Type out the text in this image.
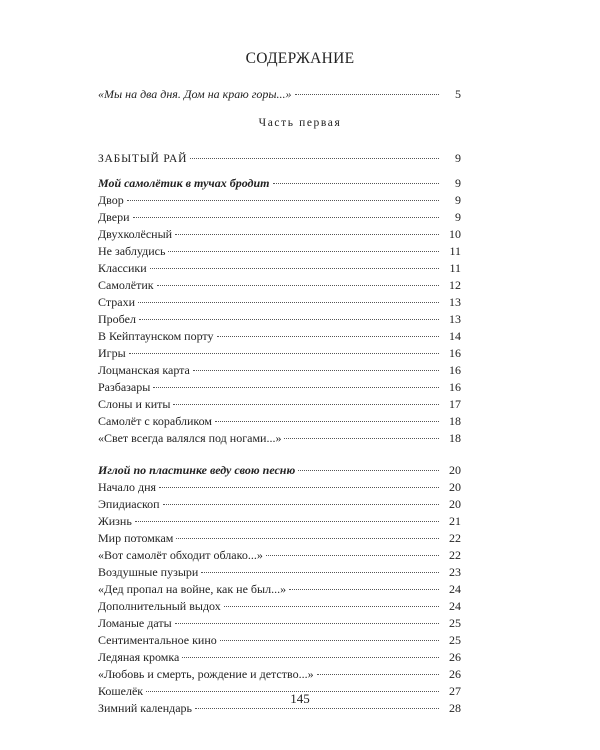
СОДЕРЖАНИЕ
Часть первая
«Мы на два дня. Дом на краю горы...»	5
ЗАБЫТЫЙ РАЙ	9
Мой самолётик в тучах бродит	9
Двор	9
Двери	9
Двухколёсный	10
Не заблудись	11
Классики	11
Самолётик	12
Страхи	13
Пробел	13
В Кейптаунском порту	14
Игры	16
Лоцманская карта	16
Разбазары	16
Слоны и киты	17
Самолёт с корабликом	18
«Свет всегда валялся под ногами...»	18
Иглой по пластинке веду свою песню	20
Начало дня	20
Эпидиаскоп	20
Жизнь	21
Мир потомкам	22
«Вот самолёт обходит облако...»	22
Воздушные пузыри	23
«Дед пропал на войне, как не был...»	24
Дополнительный выдох	24
Ломаные даты	25
Сентиментальное кино	25
Ледяная кромка	26
«Любовь и смерть, рождение и детство...»	26
Кошелёк	27
Зимний календарь	28
145
